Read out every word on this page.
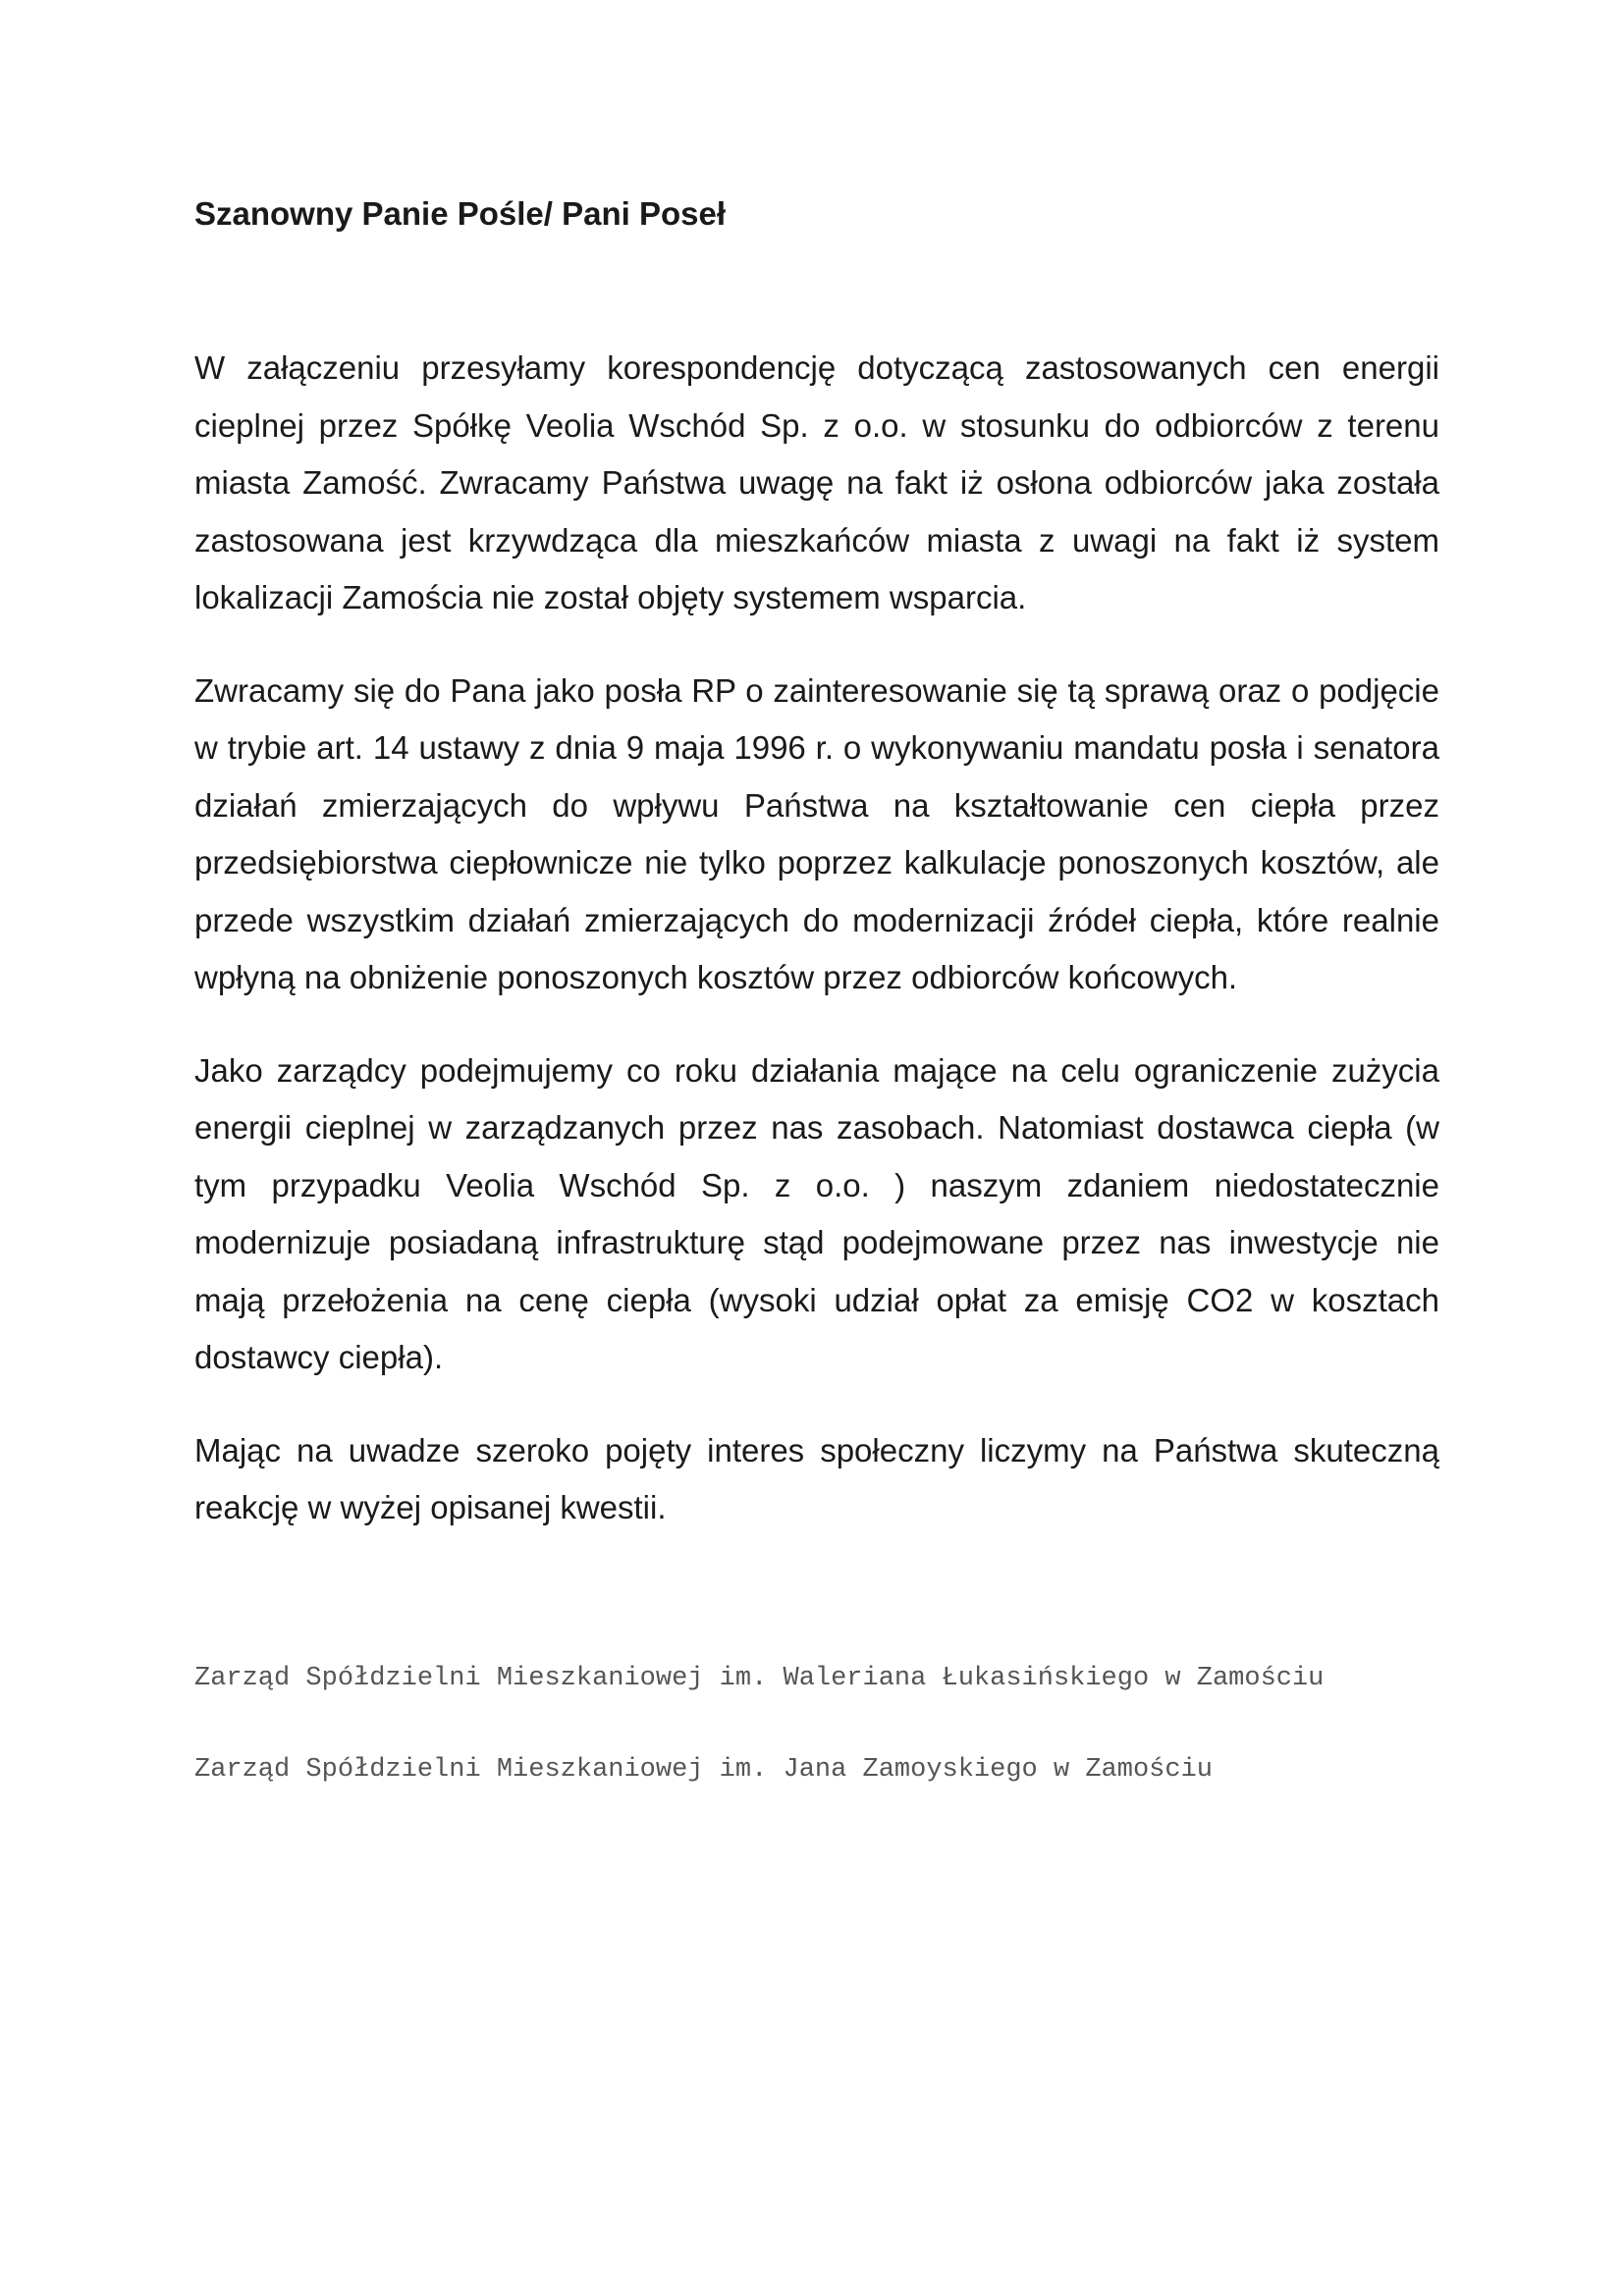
Szanowny Panie Pośle/ Pani Poseł

W załączeniu przesyłamy korespondencję dotyczącą zastosowanych cen energii cieplnej przez Spółkę Veolia Wschód Sp. z o.o. w stosunku do odbiorców z terenu miasta Zamość. Zwracamy Państwa uwagę na fakt iż osłona odbiorców jaka została zastosowana jest krzywdząca dla mieszkańców miasta z uwagi na fakt iż system lokalizacji Zamościa nie został objęty systemem wsparcia.

Zwracamy się do Pana jako posła RP o zainteresowanie się tą sprawą oraz o podjęcie w trybie art. 14 ustawy z dnia 9 maja 1996 r. o wykonywaniu mandatu posła i senatora działań zmierzających do wpływu Państwa na kształtowanie cen ciepła przez przedsiębiorstwa ciepłownicze nie tylko poprzez kalkulacje ponoszonych kosztów, ale przede wszystkim działań zmierzających do modernizacji źródeł ciepła, które realnie wpłyną na obniżenie ponoszonych kosztów przez odbiorców końcowych.

Jako zarządcy podejmujemy co roku działania mające na celu ograniczenie zużycia energii cieplnej w zarządzanych przez nas zasobach. Natomiast dostawca ciepła (w tym przypadku Veolia Wschód Sp. z o.o. ) naszym zdaniem niedostatecznie modernizuje posiadaną infrastrukturę stąd podejmowane przez nas inwestycje nie mają przełożenia na cenę ciepła (wysoki udział opłat za emisję CO2 w kosztach dostawcy ciepła).

Mając na uwadze szeroko pojęty interes społeczny liczymy na Państwa skuteczną reakcję w wyżej opisanej kwestii.

Zarząd Spółdzielni Mieszkaniowej im. Waleriana Łukasińskiego w Zamościu

Zarząd Spółdzielni Mieszkaniowej im. Jana Zamoyskiego w Zamościu
